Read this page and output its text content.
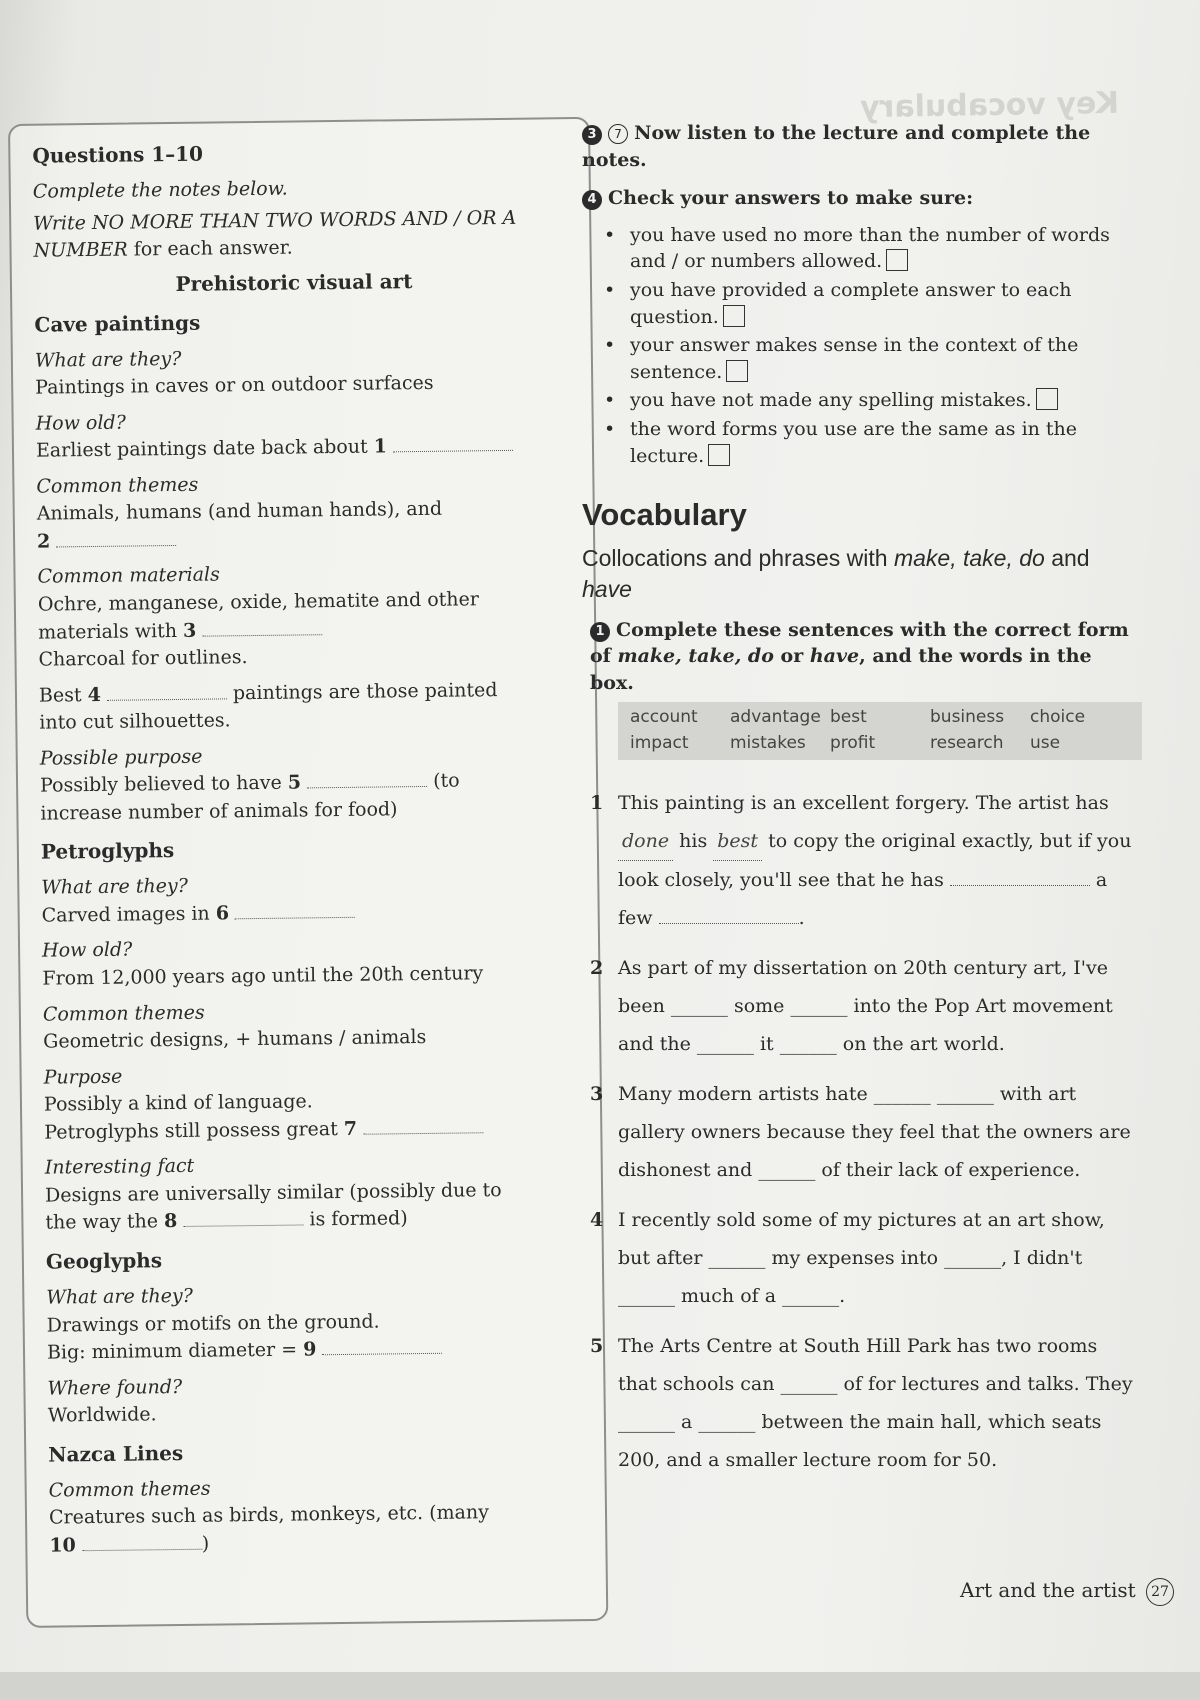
Key vocabulary
Questions 1–10
Complete the notes below.
Write NO MORE THAN TWO WORDS AND / OR A NUMBER for each answer.
Prehistoric visual art
Cave paintings
What are they?
Paintings in caves or on outdoor surfaces
How old?
Earliest paintings date back about 1
Common themes
Animals, humans (and human hands), and
2
Common materials
Ochre, manganese, oxide, hematite and other
materials with 3
Charcoal for outlines.
Best 4	paintings are those painted
into cut silhouettes.
Possible purpose
Possibly believed to have 5	(to
increase number of animals for food)
Petroglyphs
What are they?
Carved images in 6
How old?
From 12,000 years ago until the 20th century
Common themes
Geometric designs, + humans / animals
Purpose
Possibly a kind of language.
Petroglyphs still possess great 7
Interesting fact
Designs are universally similar (possibly due to
the way the 8	is formed)
Geoglyphs
What are they?
Drawings or motifs on the ground.
Big: minimum diameter = 9
Where found?
Worldwide.
Nazca Lines
Common themes
Creatures such as birds, monkeys, etc. (many
10	)
3 7 Now listen to the lecture and complete the notes.
4 Check your answers to make sure:
• you have used no more than the number of words and / or numbers allowed.
• you have provided a complete answer to each question.
• your answer makes sense in the context of the sentence.
• you have not made any spelling mistakes.
• the word forms you use are the same as in the lecture.
Vocabulary
Collocations and phrases with make, take, do and have
1 Complete these sentences with the correct form of make, take, do or have, and the words in the box.
account	advantage best	business	choice
impact	mistakes	profit	research	use
1 This painting is an excellent forgery. The artist has done his best to copy the original exactly, but if you look closely, you'll see that he has	a few	.
2 As part of my dissertation on 20th century art, I've been ______ some ______ into the Pop Art movement and the ______ it ______ on the art world.
3 Many modern artists hate ______ ______ with art gallery owners because they feel that the owners are dishonest and ______ of their lack of experience.
4 I recently sold some of my pictures at an art show, but after ______ my expenses into ______, I didn't ______ much of a ______.
5 The Arts Centre at South Hill Park has two rooms that schools can ______ of for lectures and talks. They ______ a ______ between the main hall, which seats 200, and a smaller lecture room for 50.
Art and the artist 27
